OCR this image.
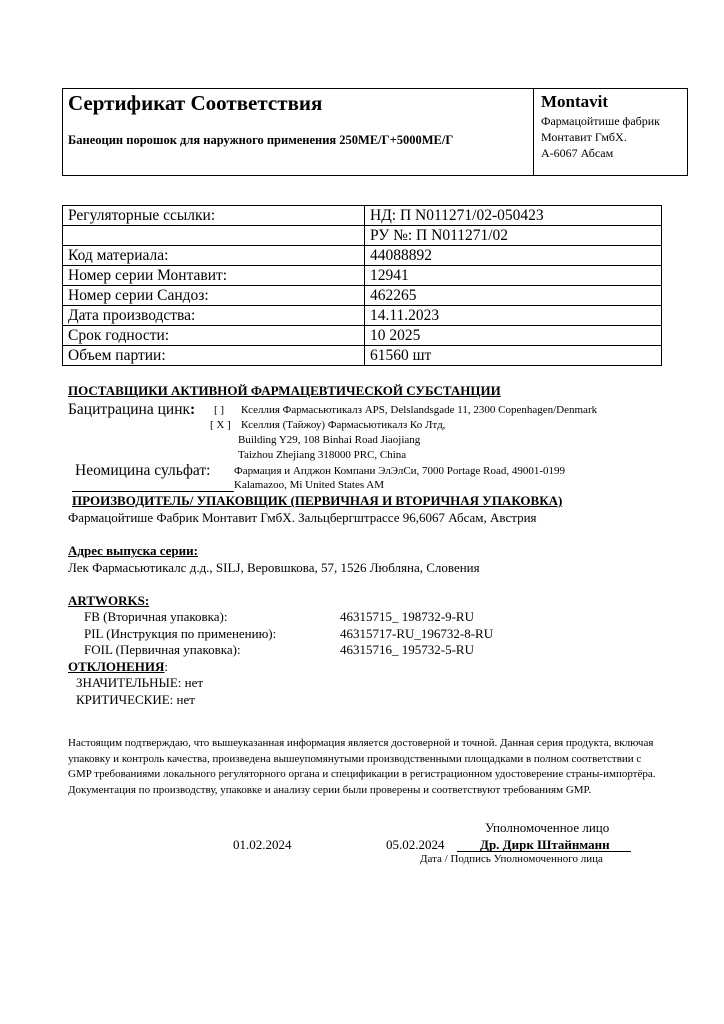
Сертификат Соответствия
Банеоцин порошок для наружного применения 250МЕ/Г+5000МЕ/Г
Montavit
Фармацойтише фабрик
Монтавит ГмбХ.
А-6067 Абсам
Регуляторные ссылки:	НД: П N011271/02-050423
	РУ №: П N011271/02
Код материала:	44088892
Номер серии Монтавит:	12941
Номер серии Сандоз:	462265
Дата производства:	14.11.2023
Срок годности:	10 2025
Объем партии:	61560 шт
ПОСТАВЩИКИ АКТИВНОЙ ФАРМАЦЕВТИЧЕСКОЙ СУБСТАНЦИИ
Бацитрацина цинк: [ ] Кселлия Фармасьютикалз APS, Delslandsgade 11, 2300 Copenhagen/Denmark
[ X ] Кселлия (Тайжоу) Фармасьютикалз Ко Лтд,
Building Y29, 108 Binhai Road Jiaojiang
Taizhou Zhejiang 318000 PRC, China
Неомицина сульфат: Фармация и Апджон Компани ЭлЭлСи, 7000 Portage Road, 49001-0199
Kalamazoo, Mi United States AM
ПРОИЗВОДИТЕЛЬ/ УПАКОВЩИК (ПЕРВИЧНАЯ И ВТОРИЧНАЯ УПАКОВКА)
Фармацойтише Фабрик Монтавит ГмбХ. Зальцбергштрассе 96,6067 Абсам, Австрия
Адрес выпуска серии:
Лек Фармасьютикалс д.д., SILJ, Веровшкова, 57, 1526 Любляна, Словения
ARTWORKS:
FB (Вторичная упаковка):	46315715_ 198732-9-RU
PIL (Инструкция по применению):	46315717-RU_196732-8-RU
FOIL (Первичная упаковка):	46315716_ 195732-5-RU
ОТКЛОНЕНИЯ:
ЗНАЧИТЕЛЬНЫЕ: нет
КРИТИЧЕСКИЕ: нет
Настоящим подтверждаю, что вышеуказанная информация является достоверной и точной. Данная серия продукта, включая упаковку и контроль качества, произведена вышеупомянутыми производственными площадками в полном соответствии с GMP требованиями локального регуляторного органа и спецификации в регистрационном удостоверение страны-импортёра. Документация по производству, упаковке и анализу серии были проверены и соответствуют требованиям GMP.
Уполномоченное лицо
01.02.2024	05.02.2024	Др. Дирк Штайнманн
Дата / Подпись Уполномоченного лица
